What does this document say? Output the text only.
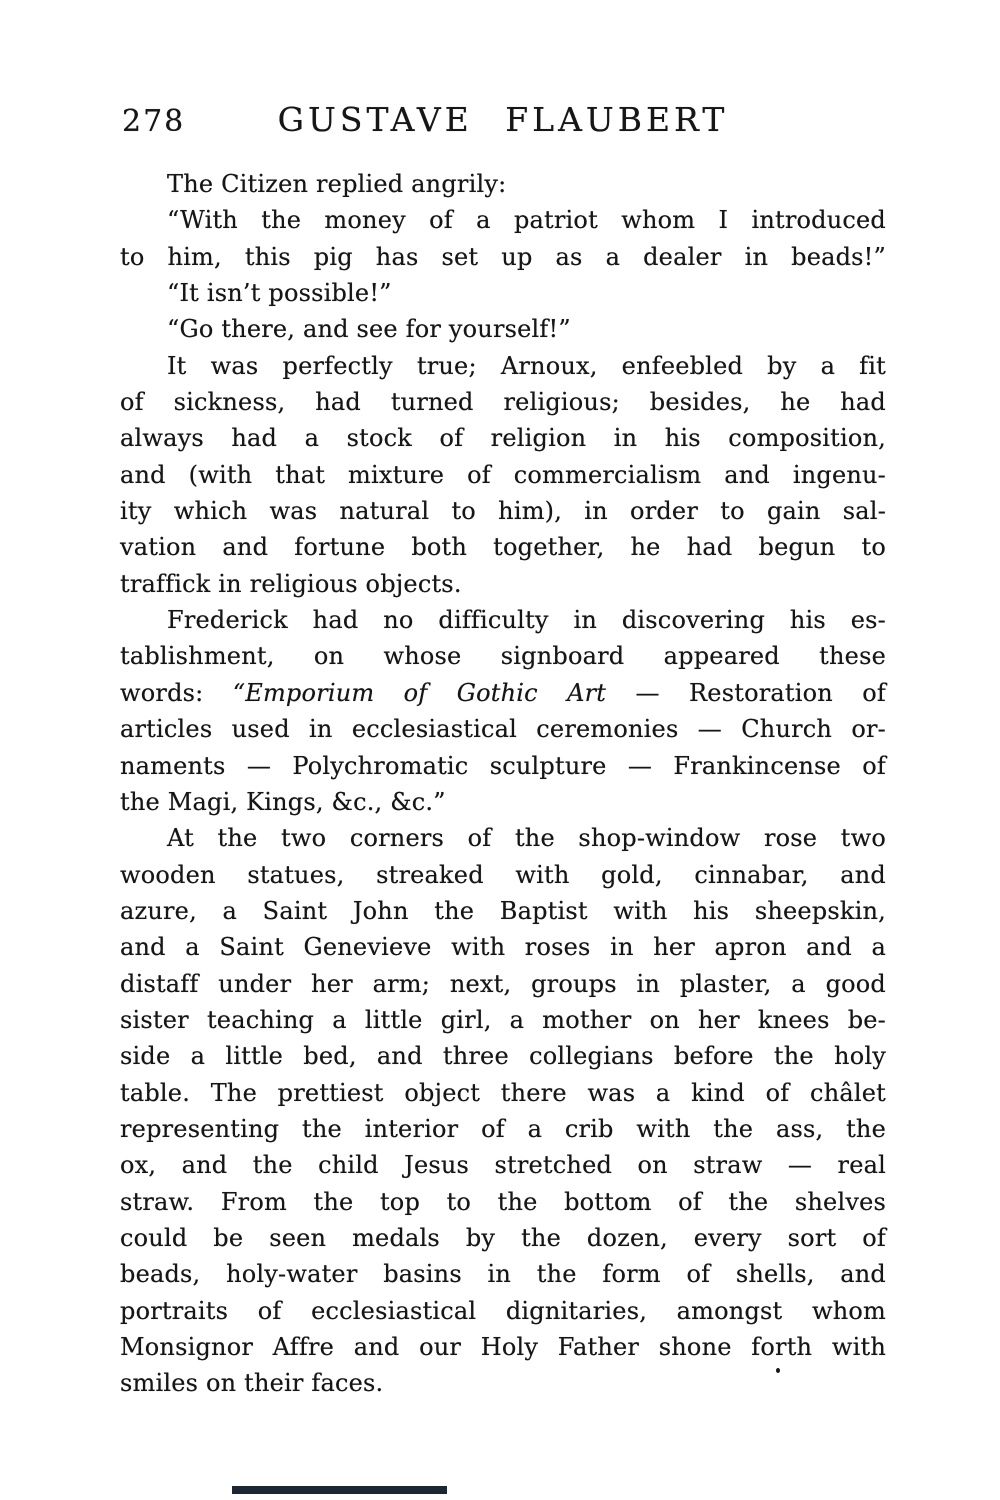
278	GUSTAVE FLAUBERT
The Citizen replied angrily:
“With the money of a patriot whom I introduced
to him, this pig has set up as a dealer in beads!”
“It isn’t possible!”
“Go there, and see for yourself!”
It was perfectly true; Arnoux, enfeebled by a fit
of sickness, had turned religious; besides, he had
always had a stock of religion in his composition,
and (with that mixture of commercialism and ingenu-
ity which was natural to him), in order to gain sal-
vation and fortune both together, he had begun to
traffick in religious objects.
Frederick had no difficulty in discovering his es-
tablishment, on whose signboard appeared these
words: “Emporium of Gothic Art — Restoration of
articles used in ecclesiastical ceremonies — Church or-
naments — Polychromatic sculpture — Frankincense of
the Magi, Kings, &c., &c.”
At the two corners of the shop-window rose two
wooden statues, streaked with gold, cinnabar, and
azure, a Saint John the Baptist with his sheepskin,
and a Saint Genevieve with roses in her apron and a
distaff under her arm; next, groups in plaster, a good
sister teaching a little girl, a mother on her knees be-
side a little bed, and three collegians before the holy
table. The prettiest object there was a kind of châlet
representing the interior of a crib with the ass, the
ox, and the child Jesus stretched on straw — real
straw. From the top to the bottom of the shelves
could be seen medals by the dozen, every sort of
beads, holy-water basins in the form of shells, and
portraits of ecclesiastical dignitaries, amongst whom
Monsignor Affre and our Holy Father shone forth with
smiles on their faces.
